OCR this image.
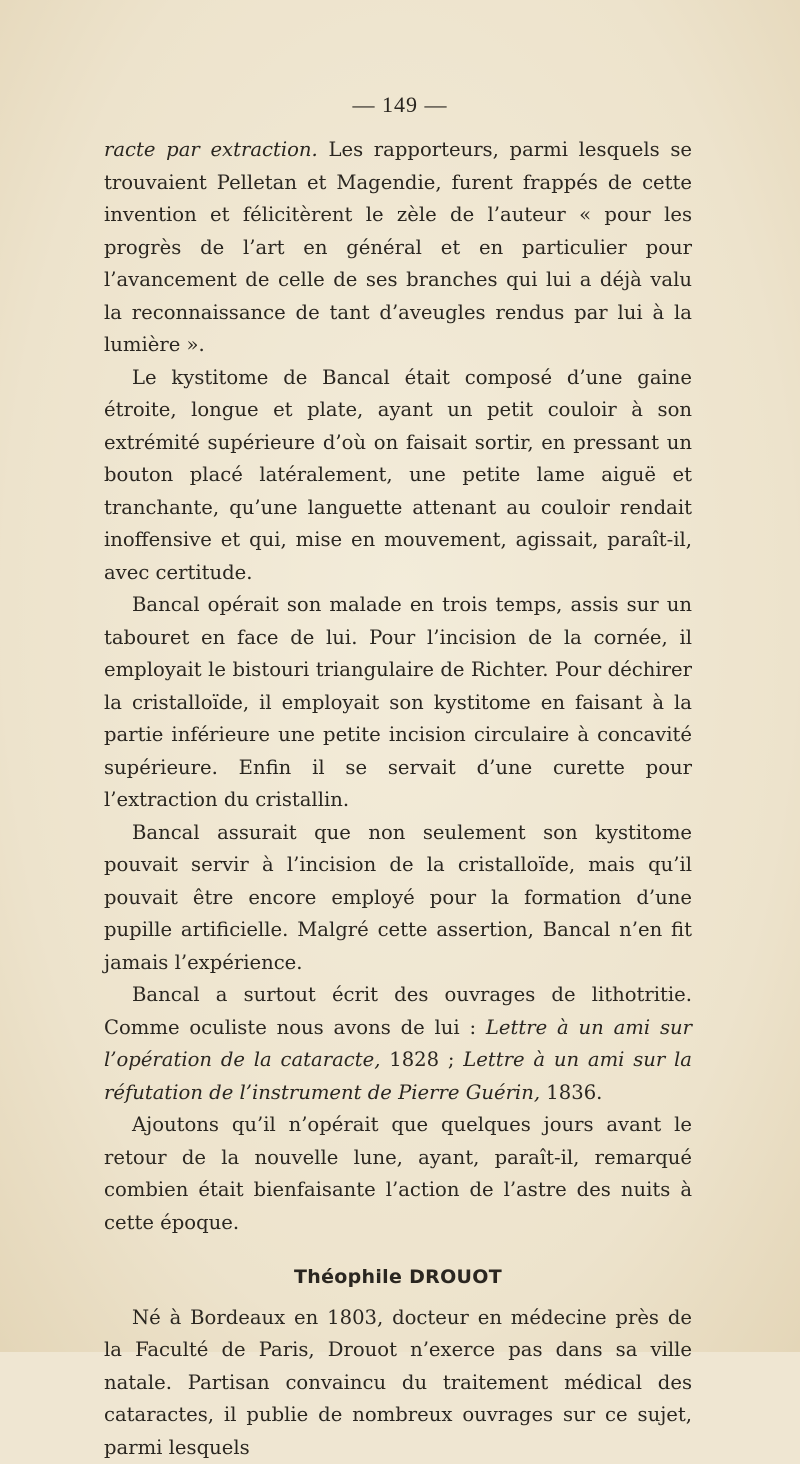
— 149 —

racte par extraction. Les rapporteurs, parmi lesquels se trouvaient Pelletan et Magendie, furent frappés de cette invention et félicitèrent le zèle de l’auteur « pour les progrès de l’art en général et en particulier pour l’avancement de celle de ses branches qui lui a déjà valu la reconnaissance de tant d’aveugles rendus par lui à la lumière ».

Le kystitome de Bancal était composé d’une gaine étroite, longue et plate, ayant un petit couloir à son extrémité supérieure d’où on faisait sortir, en pressant un bouton placé latéralement, une petite lame aiguë et tranchante, qu’une languette attenant au couloir rendait inoffensive et qui, mise en mouvement, agissait, paraît-il, avec certitude.

Bancal opérait son malade en trois temps, assis sur un tabouret en face de lui. Pour l’incision de la cornée, il employait le bistouri triangulaire de Richter. Pour déchirer la cristalloïde, il employait son kystitome en faisant à la partie inférieure une petite incision circulaire à concavité supérieure. Enfin il se servait d’une curette pour l’extraction du cristallin.

Bancal assurait que non seulement son kystitome pouvait servir à l’incision de la cristalloïde, mais qu’il pouvait être encore employé pour la formation d’une pupille artificielle. Malgré cette assertion, Bancal n’en fit jamais l’expérience.

Bancal a surtout écrit des ouvrages de lithotritie. Comme oculiste nous avons de lui : Lettre à un ami sur l’opération de la cataracte, 1828 ; Lettre à un ami sur la réfutation de l’instrument de Pierre Guérin, 1836.

Ajoutons qu’il n’opérait que quelques jours avant le retour de la nouvelle lune, ayant, paraît-il, remarqué combien était bienfaisante l’action de l’astre des nuits à cette époque.

Théophile DROUOT

Né à Bordeaux en 1803, docteur en médecine près de la Faculté de Paris, Drouot n’exerce pas dans sa ville natale. Partisan convaincu du traitement médical des cataractes, il publie de nombreux ouvrages sur ce sujet, parmi lesquels
